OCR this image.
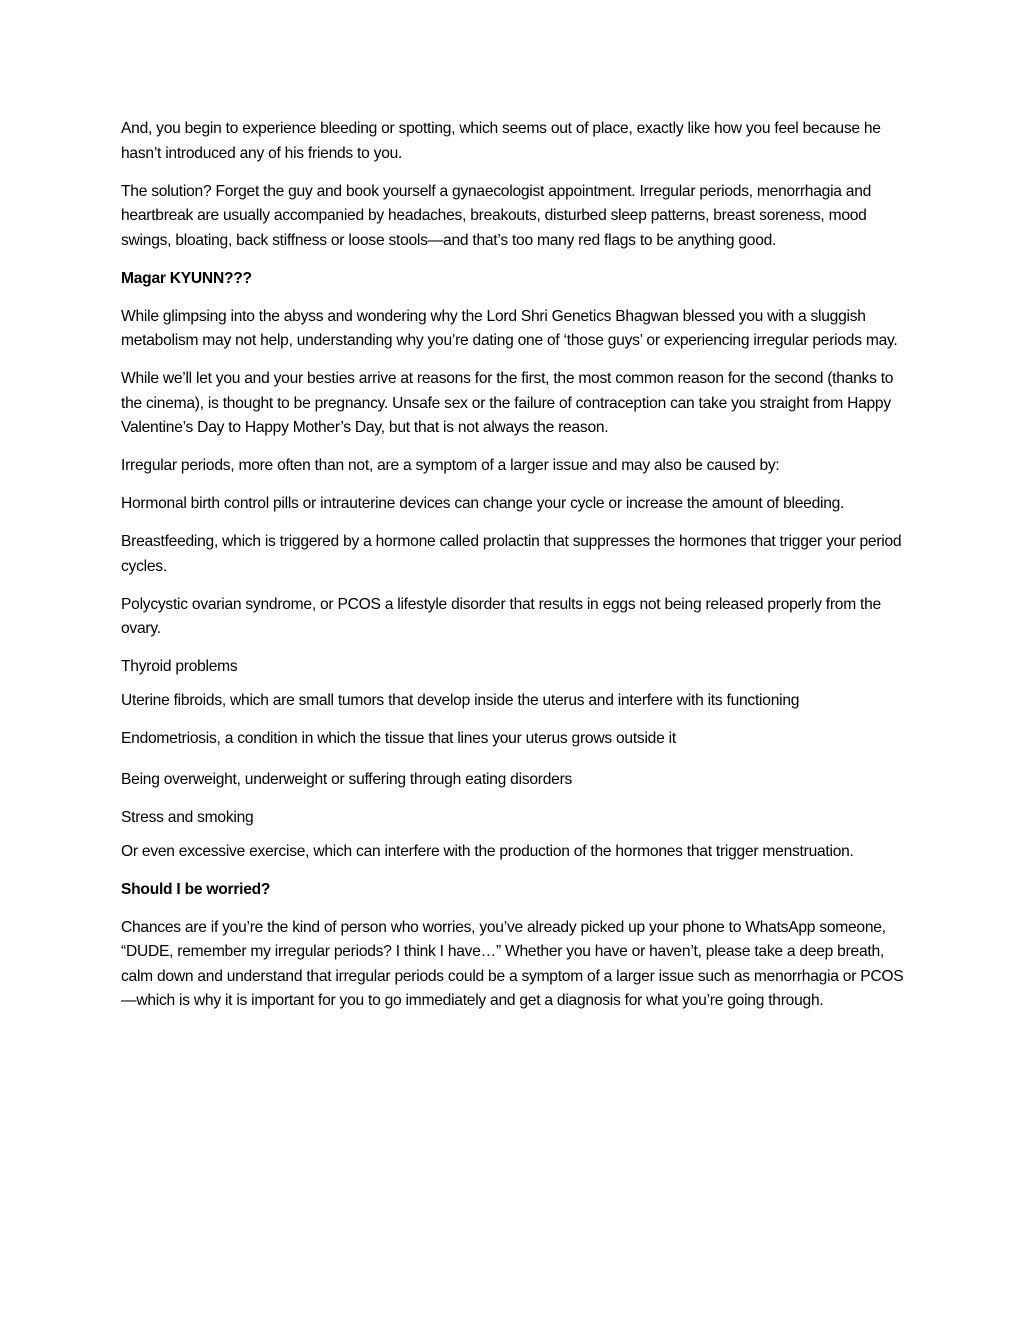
And, you begin to experience bleeding or spotting, which seems out of place, exactly like how you feel because he hasn’t introduced any of his friends to you.

The solution? Forget the guy and book yourself a gynaecologist appointment. Irregular periods, menorrhagia and heartbreak are usually accompanied by headaches, breakouts, disturbed sleep patterns, breast soreness, mood swings, bloating, back stiffness or loose stools—and that’s too many red flags to be anything good.

Magar KYUNN???

While glimpsing into the abyss and wondering why the Lord Shri Genetics Bhagwan blessed you with a sluggish metabolism may not help, understanding why you’re dating one of ‘those guys’ or experiencing irregular periods may.

While we’ll let you and your besties arrive at reasons for the first, the most common reason for the second (thanks to the cinema), is thought to be pregnancy. Unsafe sex or the failure of contraception can take you straight from Happy Valentine’s Day to Happy Mother’s Day, but that is not always the reason.

Irregular periods, more often than not, are a symptom of a larger issue and may also be caused by:

Hormonal birth control pills or intrauterine devices can change your cycle or increase the amount of bleeding.

Breastfeeding, which is triggered by a hormone called prolactin that suppresses the hormones that trigger your period cycles.

Polycystic ovarian syndrome, or PCOS a lifestyle disorder that results in eggs not being released properly from the ovary.

Thyroid problems

Uterine fibroids, which are small tumors that develop inside the uterus and interfere with its functioning

Endometriosis, a condition in which the tissue that lines your uterus grows outside it

Being overweight, underweight or suffering through eating disorders

Stress and smoking

Or even excessive exercise, which can interfere with the production of the hormones that trigger menstruation.

Should I be worried?

Chances are if you’re the kind of person who worries, you’ve already picked up your phone to WhatsApp someone, “DUDE, remember my irregular periods? I think I have…” Whether you have or haven’t, please take a deep breath, calm down and understand that irregular periods could be a symptom of a larger issue such as menorrhagia or PCOS—which is why it is important for you to go immediately and get a diagnosis for what you’re going through.
